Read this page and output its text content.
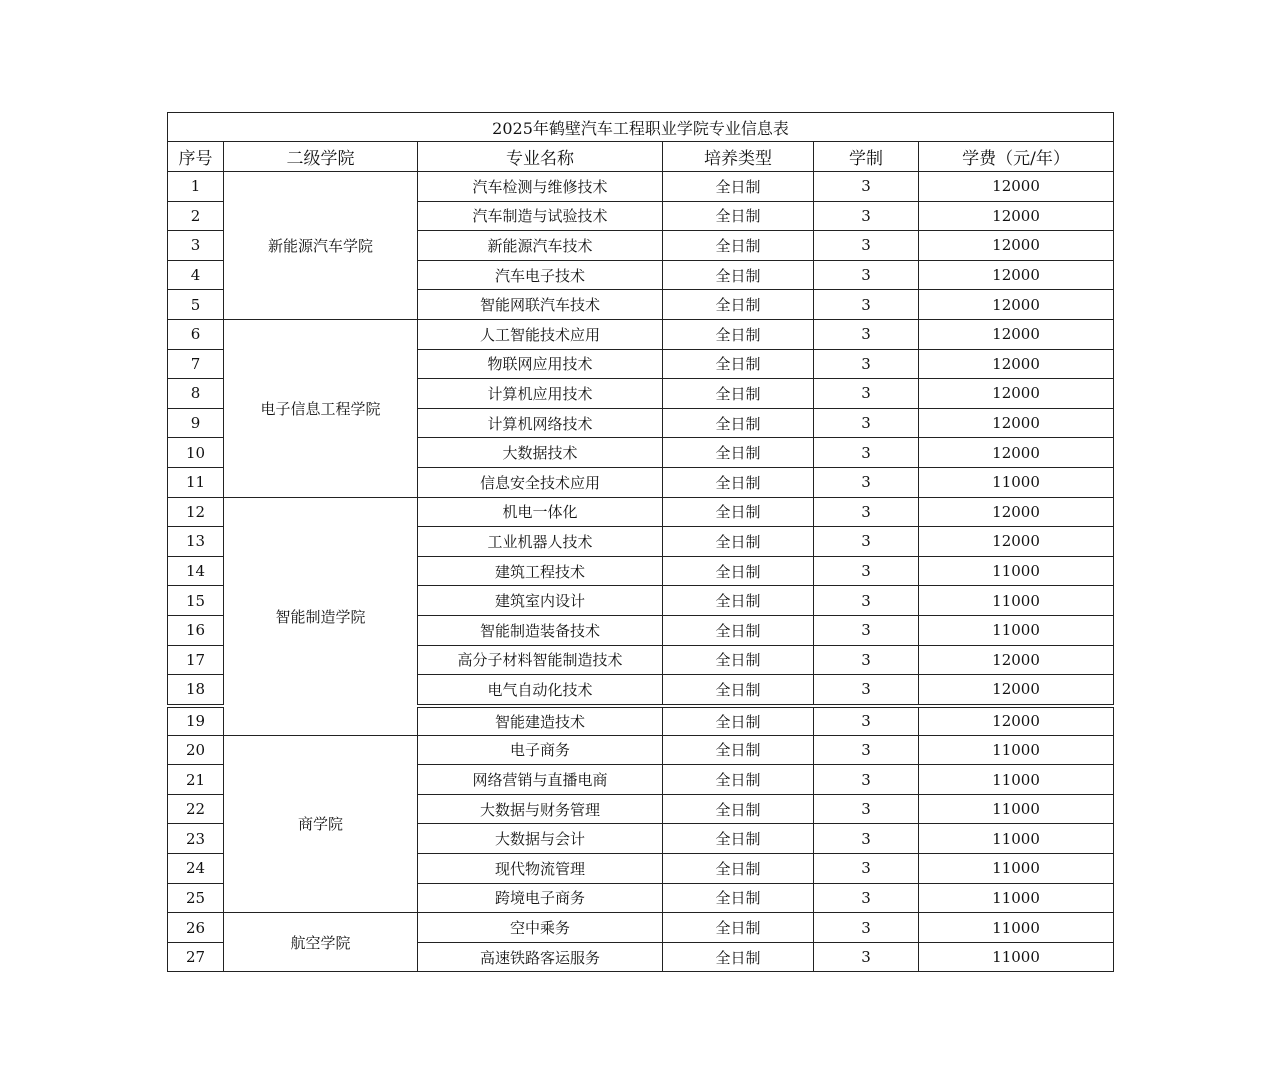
2025年鹤壁汽车工程职业学院专业信息表					
序号	二级学院	专业名称	培养类型	学制	学费（元/年）
1	新能源汽车学院	汽车检测与维修技术	全日制	3	12000
2		汽车制造与试验技术	全日制	3	12000
3		新能源汽车技术	全日制	3	12000
4		汽车电子技术	全日制	3	12000
5		智能网联汽车技术	全日制	3	12000
6	电子信息工程学院	人工智能技术应用	全日制	3	12000
7		物联网应用技术	全日制	3	12000
8		计算机应用技术	全日制	3	12000
9		计算机网络技术	全日制	3	12000
10		大数据技术	全日制	3	12000
11		信息安全技术应用	全日制	3	11000
12	智能制造学院	机电一体化	全日制	3	12000
13		工业机器人技术	全日制	3	12000
14		建筑工程技术	全日制	3	11000
15		建筑室内设计	全日制	3	11000
16		智能制造装备技术	全日制	3	11000
17		高分子材料智能制造技术	全日制	3	12000
18		电气自动化技术	全日制	3	12000
19		智能建造技术	全日制	3	12000
20	商学院	电子商务	全日制	3	11000
21		网络营销与直播电商	全日制	3	11000
22		大数据与财务管理	全日制	3	11000
23		大数据与会计	全日制	3	11000
24		现代物流管理	全日制	3	11000
25		跨境电子商务	全日制	3	11000
26	航空学院	空中乘务	全日制	3	11000
27		高速铁路客运服务	全日制	3	11000
